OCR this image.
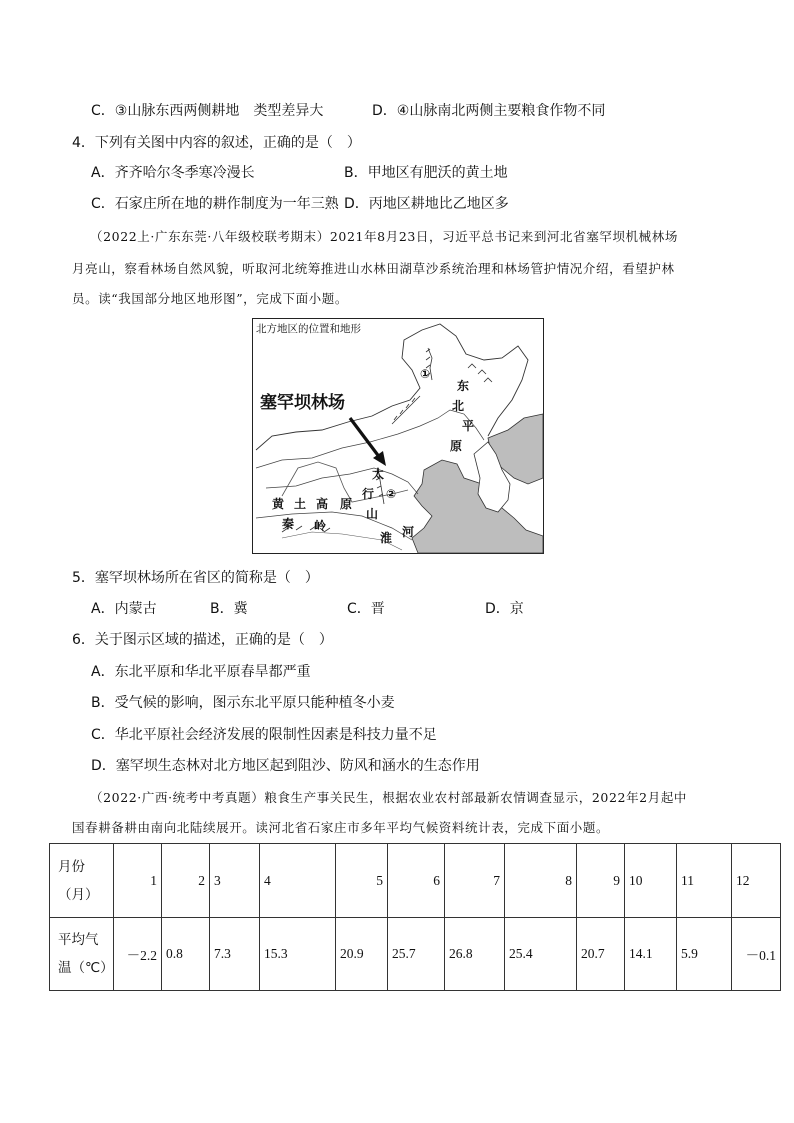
C．③山脉东西两侧耕地　类型差异大	D．④山脉南北两侧主要粮食作物不同
4．下列有关图中内容的叙述，正确的是（　）
A．齐齐哈尔冬季寒冷漫长	B．甲地区有肥沃的黄土地
C．石家庄所在地的耕作制度为一年三熟 D．丙地区耕地比乙地区多
（2022上·广东东莞·八年级校联考期末）2021年8月23日，习近平总书记来到河北省塞罕坝机械林场
月亮山，察看林场自然风貌，听取河北统筹推进山水林田湖草沙系统治理和林场管护情况介绍，看望护林
员。读“我国部分地区地形图”，完成下面小题。
北方地区的位置和地形
塞罕坝林场
①
东
北
平
原
太
②
行
山
原
黄 土 高
秦 岭
淮 河
5．塞罕坝林场所在省区的简称是（　）
A．内蒙古	B．冀	C．晋	D．京
6．关于图示区域的描述，正确的是（　）
A．东北平原和华北平原春旱都严重
B．受气候的影响，图示东北平原只能种植冬小麦
C．华北平原社会经济发展的限制性因素是科技力量不足
D．塞罕坝生态林对北方地区起到阻沙、防风和涵水的生态作用
（2022·广西·统考中考真题）粮食生产事关民生，根据农业农村部最新农情调查显示，2022年2月起中
国春耕备耕由南向北陆续展开。读河北省石家庄市多年平均气候资料统计表，完成下面小题。
月份
（月）	1	2	3	4	5	6	7	8	9	10	11	12

平均气
温（℃）	－2.2	0.8	7.3	15.3	20.9	25.7	26.8	25.4	20.7	14.1	5.9	－0.1
